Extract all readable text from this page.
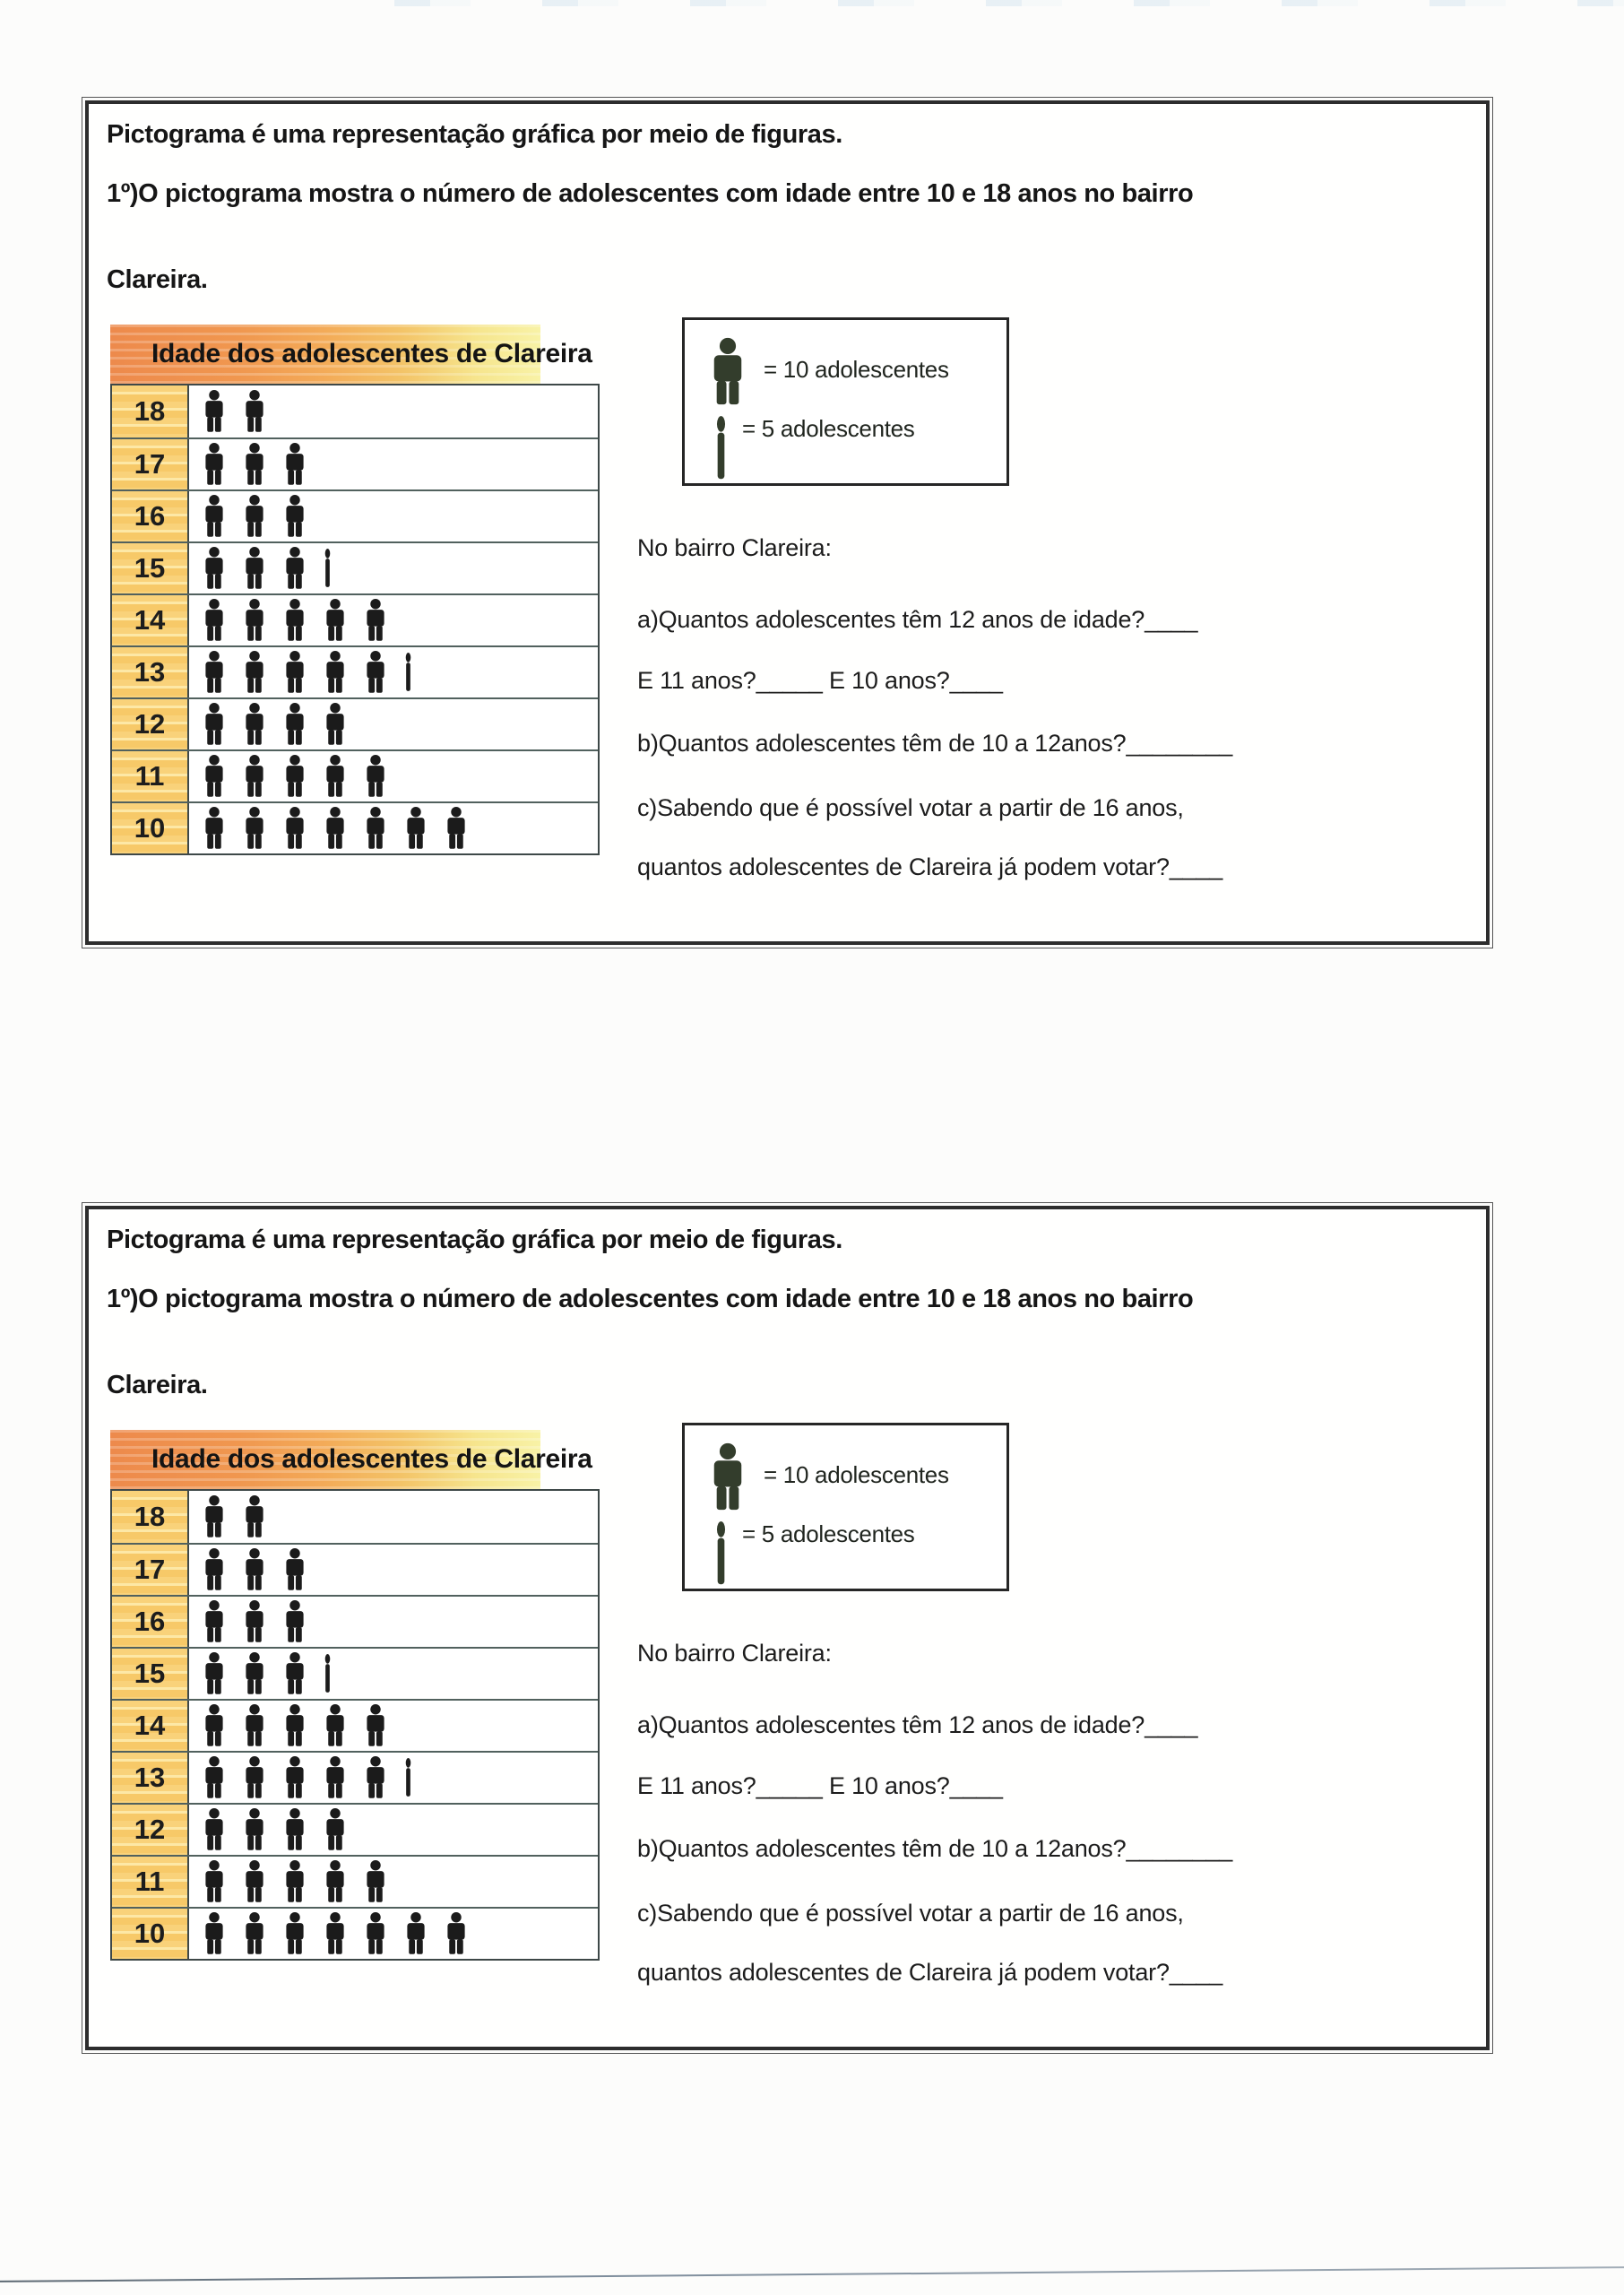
Pictograma é uma representação gráfica por meio de figuras.

1º)O pictograma mostra o número de adolescentes com idade entre 10 e 18 anos no bairro

Clareira.

Idade dos adolescentes de Clareira
18
17
16
15
14
13
12
11
10
= 10 adolescentes
= 5 adolescentes

No bairro Clareira:

a)Quantos adolescentes têm 12 anos de idade?____

E 11 anos?_____ E 10 anos?____

b)Quantos adolescentes têm de 10 a 12anos?________

c)Sabendo que é possível votar a partir de 16 anos,

quantos adolescentes de Clareira já podem votar?____

Pictograma é uma representação gráfica por meio de figuras.

1º)O pictograma mostra o número de adolescentes com idade entre 10 e 18 anos no bairro

Clareira.

Idade dos adolescentes de Clareira
18
17
16
15
14
13
12
11
10
= 10 adolescentes
= 5 adolescentes

No bairro Clareira:

a)Quantos adolescentes têm 12 anos de idade?____

E 11 anos?_____ E 10 anos?____

b)Quantos adolescentes têm de 10 a 12anos?________

c)Sabendo que é possível votar a partir de 16 anos,

quantos adolescentes de Clareira já podem votar?____
